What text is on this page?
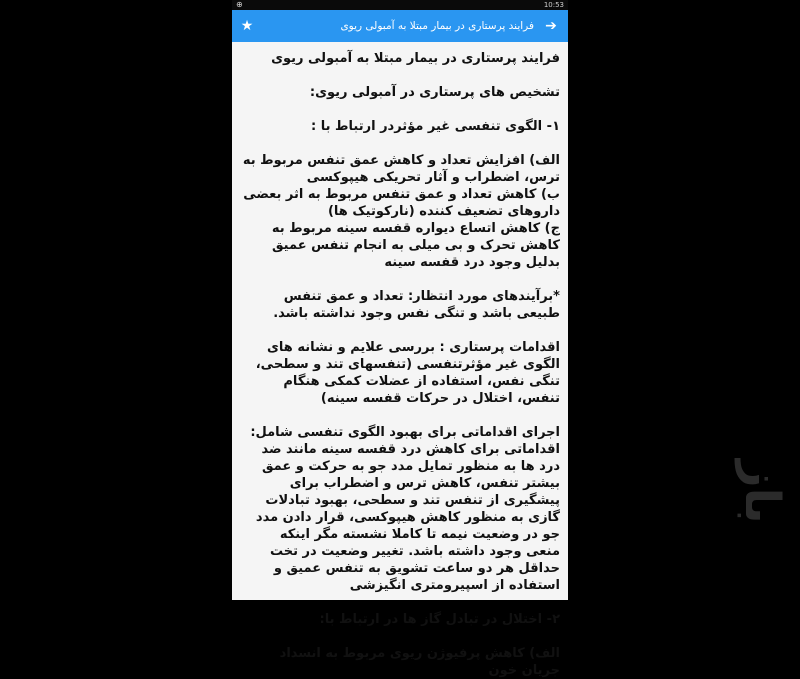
⊕	10:53
➔
فرایند پرستاری در بیمار مبتلا به آمبولی ریوی
★

فرایند پرستاری در بیمار مبتلا به آمبولی ریوی

تشخیص های پرستاری در آمبولی ریوی:

۱- الگوی تنفسی غیر مؤثردر ارتباط با :

الف) افزایش تعداد و کاهش عمق تنفس مربوط به ترس، اضطراب و آثار تحریکی هیپوکسی

ب) کاهش تعداد و عمق تنفس مربوط به اثر بعضی داروهای تضعیف کننده (نارکوتیک ها)

ج) کاهش اتساع دیواره قفسه سینه مربوط به کاهش تحرک و بی میلی به انجام تنفس عمیق بدلیل وجود درد قفسه سینه

*برآیندهای مورد انتظار: تعداد و عمق تنفس طبیعی باشد و تنگی نفس وجود نداشته باشد.

اقدامات پرستاری : بررسی علایم و نشانه های الگوی غیر مؤثرتنفسی (تنفسهای تند و سطحی، تنگی نفس، استفاده از عضلات کمکی هنگام تنفس، اختلال در حرکات قفسه سینه)

اجرای اقداماتی برای بهبود الگوی تنفسی شامل: اقداماتی برای کاهش درد قفسه سینه مانند ضد درد ها به منظور تمایل مدد جو به حرکت و عمق بیشتر تنفس، کاهش ترس و اضطراب برای پیشگیری از تنفس تند و سطحی، بهبود تبادلات گازی به منظور کاهش هیپوکسی، قرار دادن مدد جو در وضعیت نیمه تا کاملا نشسته مگر اینکه منعی وجود داشته باشد. تغییر وضعیت در تخت حداقل هر دو ساعت تشویق به تنفس عمیق و استفاده از اسپیرومتری انگیزشی

۲- اختلال در تبادل گاز ها در ارتباط با:

الف) کاهش پرفیوژن ریوی مربوط به انسداد جریان خون

باز
